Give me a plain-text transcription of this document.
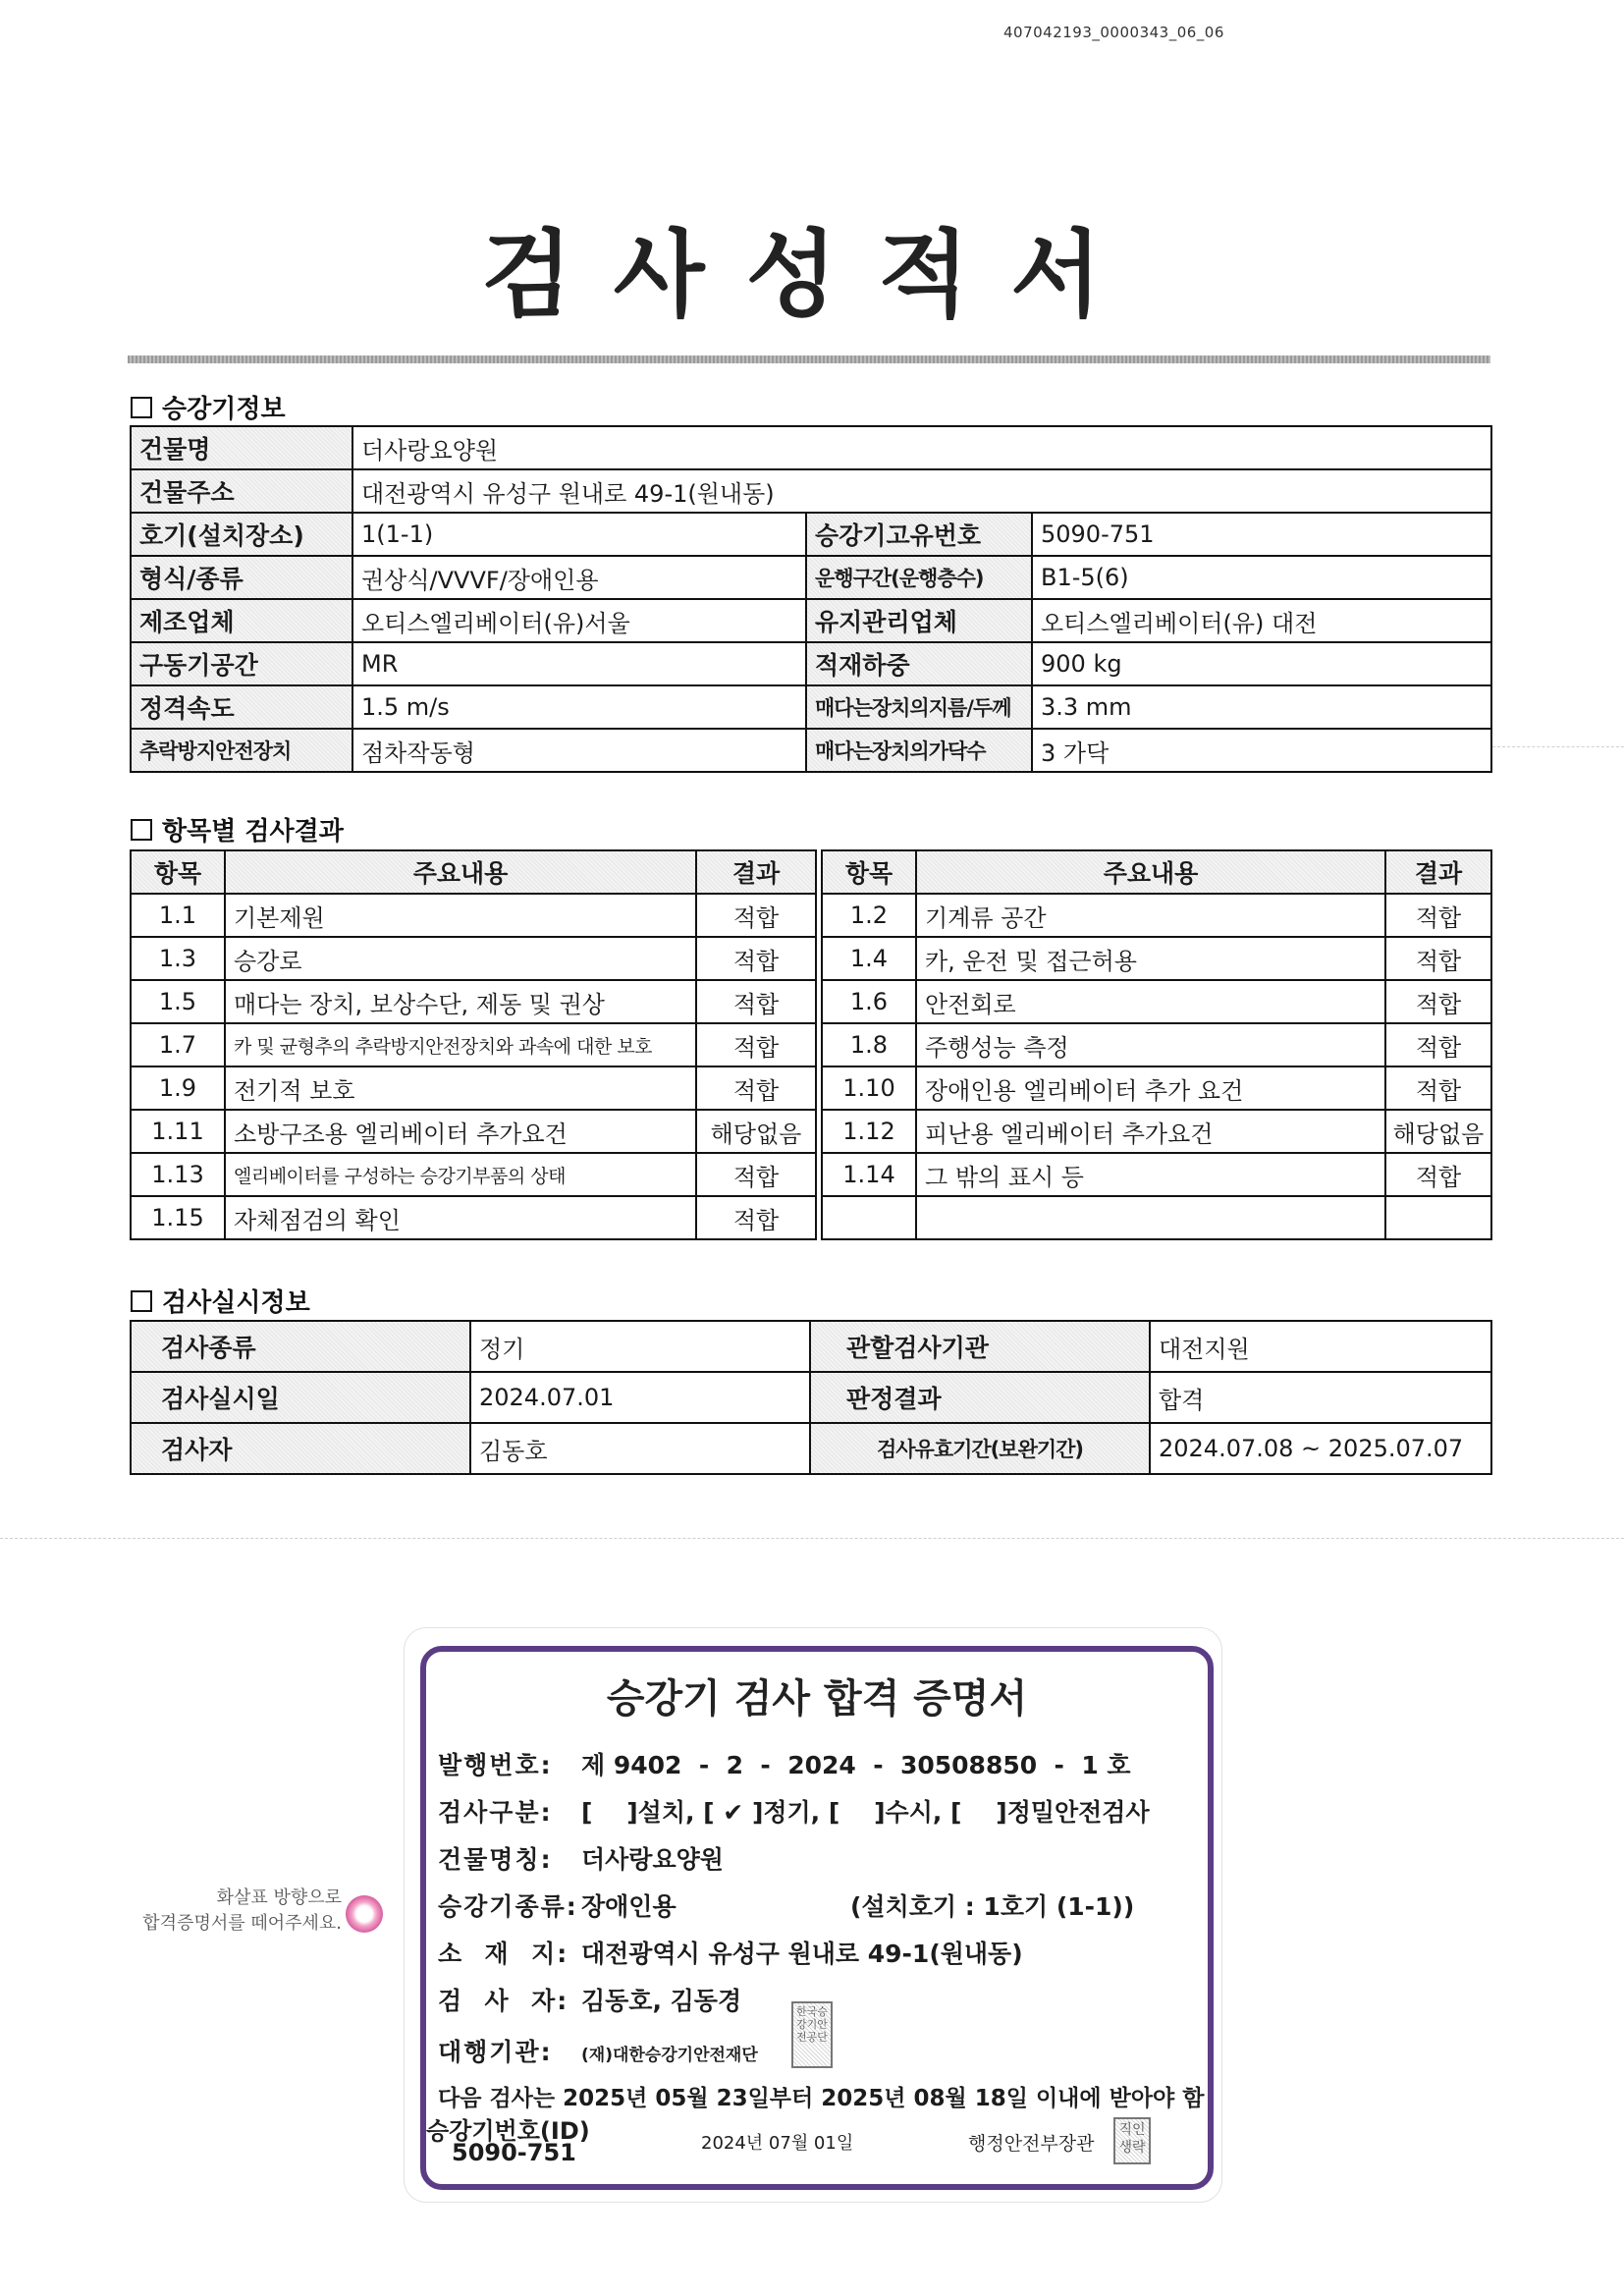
407042193_0000343_06_06
검사성적서
승강기정보
건물명	더사랑요양원		
건물주소	대전광역시 유성구 원내로 49-1(원내동)		
호기(설치장소)	1(1-1)	승강기고유번호	5090-751
형식/종류	권상식/VVVF/장애인용	운행구간(운행층수)	B1-5(6)
제조업체	오티스엘리베이터(유)서울	유지관리업체	오티스엘리베이터(유) 대전
구동기공간	MR	적재하중	900 kg
정격속도	1.5 m/s	매다는장치의지름/두께	3.3 mm
추락방지안전장치	점차작동형	매다는장치의가닥수	3 가닥
항목별 검사결과
항목	주요내용	결과		항목	주요내용	결과
1.1	기본제원	적합		1.2	기계류 공간	적합
1.3	승강로	적합		1.4	카, 운전 및 접근허용	적합
1.5	매다는 장치, 보상수단, 제동 및 권상	적합		1.6	안전회로	적합
1.7	카 및 균형추의 추락방지안전장치와 과속에 대한 보호	적합		1.8	주행성능 측정	적합
1.9	전기적 보호	적합		1.10	장애인용 엘리베이터 추가 요건	적합
1.11	소방구조용 엘리베이터 추가요건	해당없음		1.12	피난용 엘리베이터 추가요건	해당없음
1.13	엘리베이터를 구성하는 승강기부품의 상태	적합		1.14	그 밖의 표시 등	적합
1.15	자체점검의 확인	적합				
검사실시정보
검사종류	정기	관할검사기관	대전지원
검사실시일	2024.07.01	판정결과	합격
검사자	김동호	검사유효기간(보완기간)	2024.07.08 ~ 2025.07.07
화살표 방향으로
합격증명서를 떼어주세요.
승강기 검사 합격 증명서
발행번호: 제 9402  -  2  -  2024  -  30508850  -  1 호
검사구분: [    ]설치, [ ✔ ]정기, [    ]수시, [    ]정밀안전검사
건물명칭: 더사랑요양원
승강기종류: 장애인용	(설치호기 : 1호기 (1-1))
소  재  지: 대전광역시 유성구 원내로 49-1(원내동)
검  사  자: 김동호, 김동경
대행기관: (재)대한승강기안전재단
한국승강기안전공단
다음 검사는 2025년 05월 23일부터 2025년 08월 18일 이내에 받아야 함
승강기번호(ID)
5090-751	2024년 07월 01일	행정안전부장관
직인생략
